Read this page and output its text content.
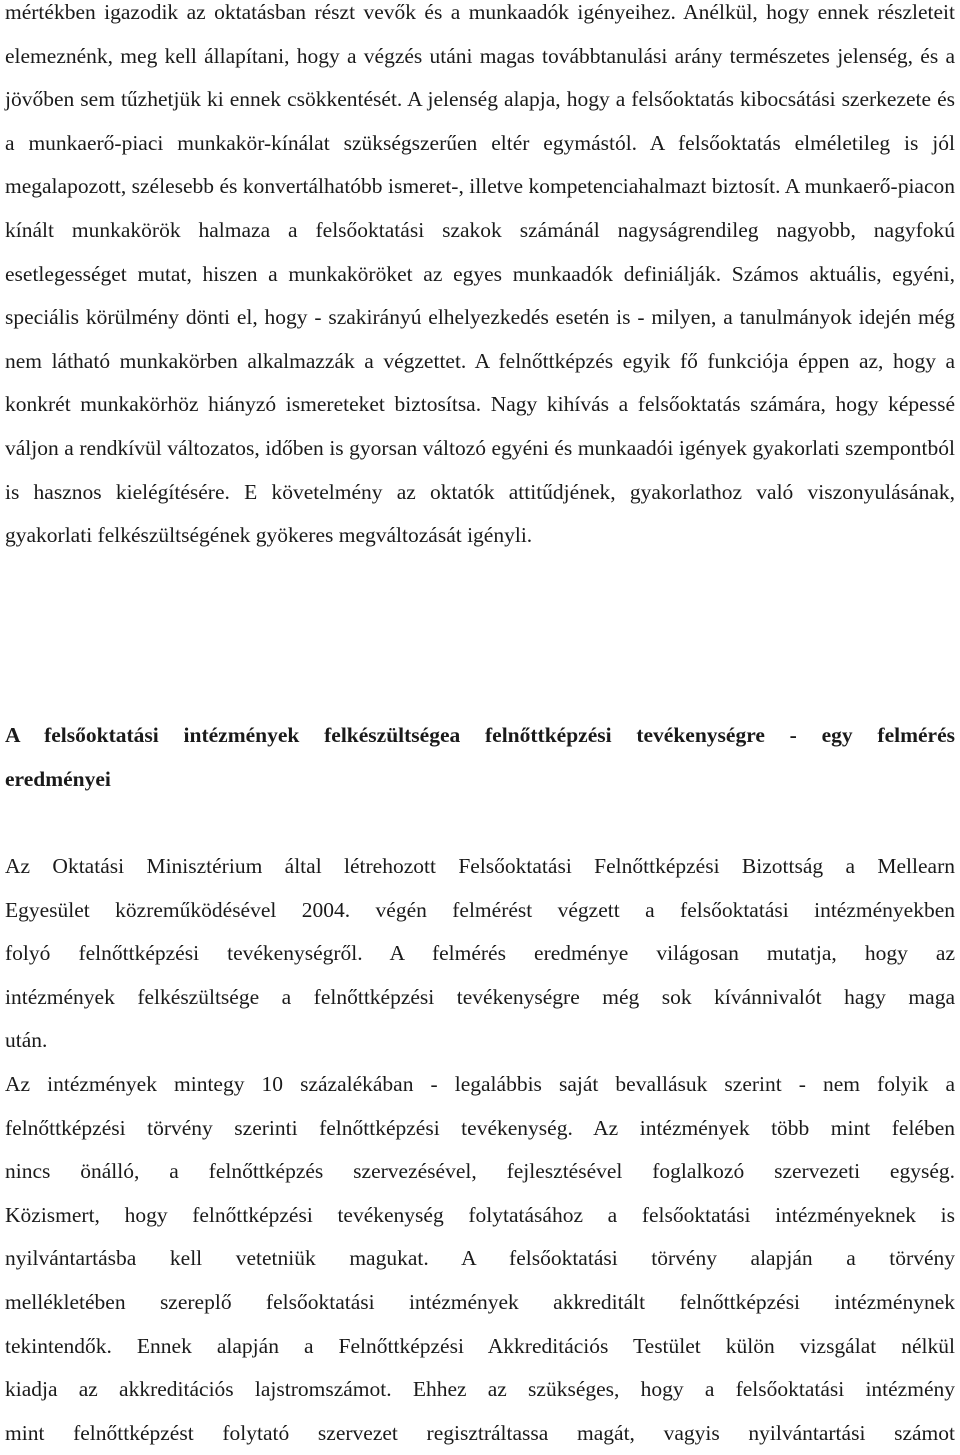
mértékben igazodik az oktatásban részt vevők és a munkaadók igényeihez. Anélkül, hogy ennek részleteit elemeznénk, meg kell állapítani, hogy a végzés utáni magas továbbtanulási arány természetes jelenség, és a jövőben sem tűzhetjük ki ennek csökkentését. A jelenség alapja, hogy a felsőoktatás kibocsátási szerkezete és a munkaerő-piaci munkakör-kínálat szükségszerűen eltér egymástól. A felsőoktatás elméletileg is jól megalapozott, szélesebb és konvertálhatóbb ismeret-, illetve kompetenciahalmazt biztosít. A munkaerő-piacon kínált munkakörök halmaza a felsőoktatási szakok számánál nagyságrendileg nagyobb, nagyfokú esetlegességet mutat, hiszen a munkaköröket az egyes munkaadók definiálják. Számos aktuális, egyéni, speciális körülmény dönti el, hogy - szakirányú elhelyezkedés esetén is - milyen, a tanulmányok idején még nem látható munkakörben alkalmazzák a végzettet. A felnőttképzés egyik fő funkciója éppen az, hogy a konkrét munkakörhöz hiányzó ismereteket biztosítsa. Nagy kihívás a felsőoktatás számára, hogy képessé váljon a rendkívül változatos, időben is gyorsan változó egyéni és munkaadói igények gyakorlati szempontból is hasznos kielégítésére. E követelmény az oktatók attitűdjének, gyakorlathoz való viszonyulásának, gyakorlati felkészültségének gyökeres megváltozását igényli.
A felsőoktatási intézmények felkészültségea felnőttképzési tevékenységre - egy felmérés
eredményei
Az Oktatási Minisztérium által létrehozott Felsőoktatási Felnőttképzési Bizottság a Mellearn
Egyesület közreműködésével 2004. végén felmérést végzett a felsőoktatási intézményekben
folyó felnőttképzési tevékenységről. A felmérés eredménye világosan mutatja, hogy az
intézmények felkészültsége a felnőttképzési tevékenységre még sok kívánnivalót hagy maga
után.
Az intézmények mintegy 10 százalékában - legalábbis saját bevallásuk szerint - nem folyik a
felnőttképzési törvény szerinti felnőttképzési tevékenység. Az intézmények több mint felében
nincs önálló, a felnőttképzés szervezésével, fejlesztésével foglalkozó szervezeti egység.
Közismert, hogy felnőttképzési tevékenység folytatásához a felsőoktatási intézményeknek is
nyilvántartásba kell vetetniük magukat. A felsőoktatási törvény alapján a törvény
mellékletében szereplő felsőoktatási intézmények akkreditált felnőttképzési intézménynek
tekintendők. Ennek alapján a Felnőttképzési Akkreditációs Testület külön vizsgálat nélkül
kiadja az akkreditációs lajstromszámot. Ehhez az szükséges, hogy a felsőoktatási intézmény
mint felnőttképzést folytató szervezet regisztráltassa magát, vagyis nyilvántartási számot
